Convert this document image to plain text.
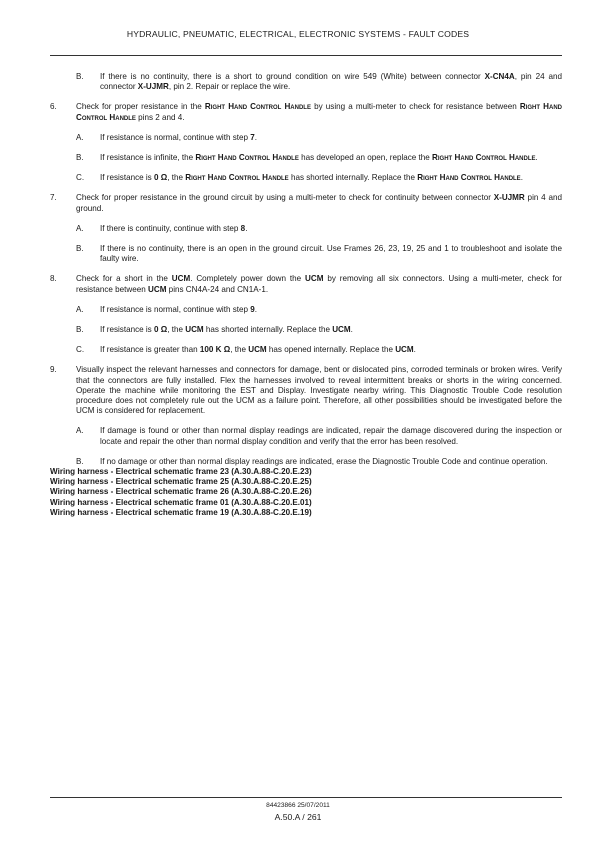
HYDRAULIC, PNEUMATIC, ELECTRICAL, ELECTRONIC SYSTEMS - FAULT CODES
B. If there is no continuity, there is a short to ground condition on wire 549 (White) between connector X-CN4A, pin 24 and connector X-UJMR, pin 2. Repair or replace the wire.
6. Check for proper resistance in the Right Hand Control Handle by using a multi-meter to check for resistance between Right Hand Control Handle pins 2 and 4.
A. If resistance is normal, continue with step 7.
B. If resistance is infinite, the Right Hand Control Handle has developed an open, replace the Right Hand Control Handle.
C. If resistance is 0 Ω, the Right Hand Control Handle has shorted internally. Replace the Right Hand Control Handle.
7. Check for proper resistance in the ground circuit by using a multi-meter to check for continuity between connector X-UJMR pin 4 and ground.
A. If there is continuity, continue with step 8.
B. If there is no continuity, there is an open in the ground circuit. Use Frames 26, 23, 19, 25 and 1 to troubleshoot and isolate the faulty wire.
8. Check for a short in the UCM. Completely power down the UCM by removing all six connectors. Using a multi-meter, check for resistance between UCM pins CN4A-24 and CN1A-1.
A. If resistance is normal, continue with step 9.
B. If resistance is 0 Ω, the UCM has shorted internally. Replace the UCM.
C. If resistance is greater than 100 K Ω, the UCM has opened internally. Replace the UCM.
9. Visually inspect the relevant harnesses and connectors for damage, bent or dislocated pins, corroded terminals or broken wires. Verify that the connectors are fully installed. Flex the harnesses involved to reveal intermittent breaks or shorts in the wiring concerned. Operate the machine while monitoring the EST and Display. Investigate nearby wiring. This Diagnostic Trouble Code resolution procedure does not completely rule out the UCM as a failure point. Therefore, all other possibilities should be investigated before the UCM is considered for replacement.
A. If damage is found or other than normal display readings are indicated, repair the damage discovered during the inspection or locate and repair the other than normal display condition and verify that the error has been resolved.
B. If no damage or other than normal display readings are indicated, erase the Diagnostic Trouble Code and continue operation.
Wiring harness - Electrical schematic frame 23 (A.30.A.88-C.20.E.23)
Wiring harness - Electrical schematic frame 25 (A.30.A.88-C.20.E.25)
Wiring harness - Electrical schematic frame 26 (A.30.A.88-C.20.E.26)
Wiring harness - Electrical schematic frame 01 (A.30.A.88-C.20.E.01)
Wiring harness - Electrical schematic frame 19 (A.30.A.88-C.20.E.19)
84423866 25/07/2011
A.50.A / 261
